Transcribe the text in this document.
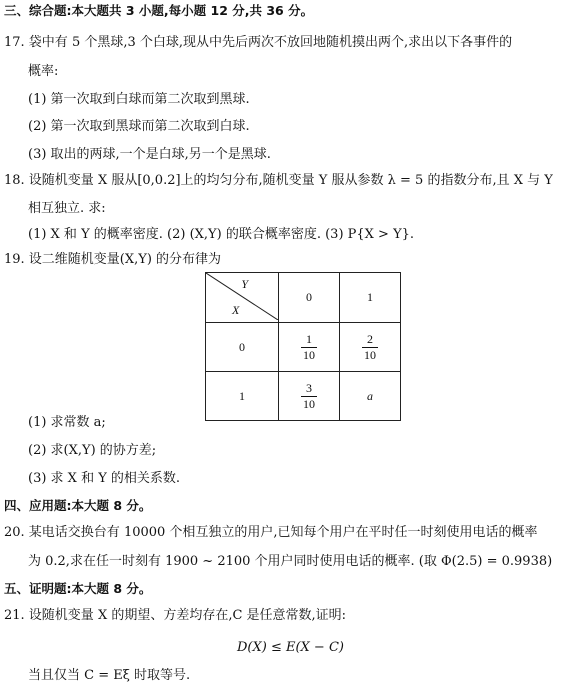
三、综合题:本大题共 3 小题,每小题 12 分,共 36 分。
17. 袋中有 5 个黑球,3 个白球,现从中先后两次不放回地随机摸出两个,求出以下各事件的
概率:
(1) 第一次取到白球而第二次取到黑球.
(2) 第一次取到黑球而第二次取到白球.
(3) 取出的两球,一个是白球,另一个是黑球.
18. 设随机变量 X 服从[0,0.2]上的均匀分布,随机变量 Y 服从参数 λ = 5 的指数分布,且 X 与 Y
相互独立. 求:
(1) X 和 Y 的概率密度. (2) (X,Y) 的联合概率密度. (3) P{X > Y}.
19. 设二维随机变量(X,Y) 的分布律为
Y
X	0	1
0	$\frac{1}{10}$	$\frac{2}{10}$

1	$\frac{3}{10}$	a
(1) 求常数 a;
(2) 求(X,Y) 的协方差;
(3) 求 X 和 Y 的相关系数.
四、应用题:本大题 8 分。
20. 某电话交换台有 10000 个相互独立的用户,已知每个用户在平时任一时刻使用电话的概率
为 0.2,求在任一时刻有 1900 ~ 2100 个用户同时使用电话的概率. (取 Φ(2.5) = 0.9938)
五、证明题:本大题 8 分。
21. 设随机变量 X 的期望、方差均存在,C 是任意常数,证明:
D(X) ≤ E(X − C)
当且仅当 C = Eξ 时取等号.
